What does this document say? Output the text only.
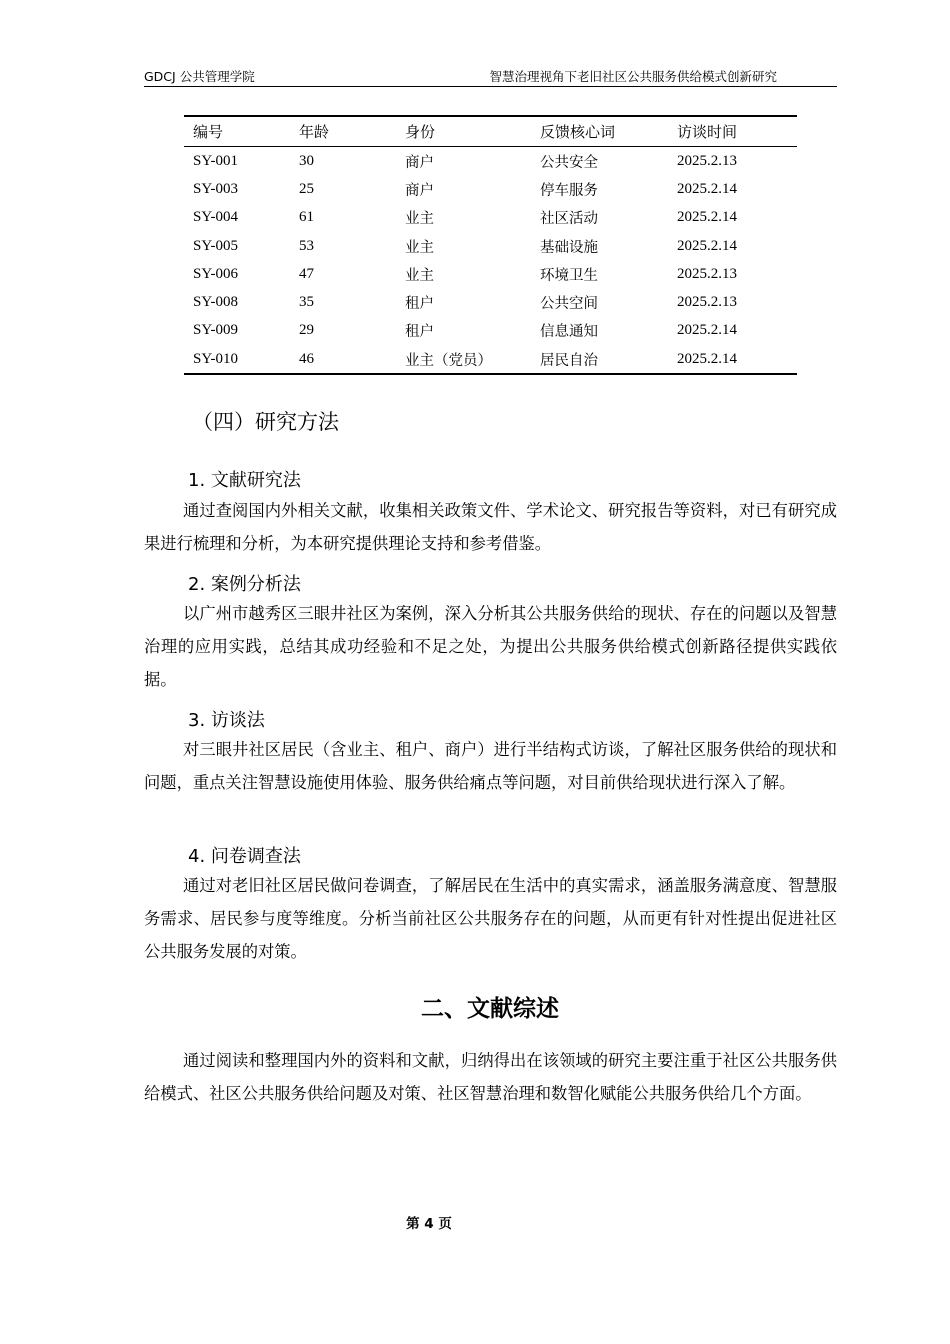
GDCJ 公共管理学院	智慧治理视角下老旧社区公共服务供给模式创新研究
编号	年龄	身份	反馈核心词	访谈时间
SY-001	30	商户	公共安全	2025.2.13
SY-003	25	商户	停车服务	2025.2.14
SY-004	61	业主	社区活动	2025.2.14
SY-005	53	业主	基础设施	2025.2.14
SY-006	47	业主	环境卫生	2025.2.13
SY-008	35	租户	公共空间	2025.2.13
SY-009	29	租户	信息通知	2025.2.14
SY-010	46	业主（党员）	居民自治	2025.2.14
（四）研究方法
1. 文献研究法
通过查阅国内外相关文献，收集相关政策文件、学术论文、研究报告等资料，对已有研究成果进行梳理和分析，为本研究提供理论支持和参考借鉴。
2. 案例分析法
以广州市越秀区三眼井社区为案例，深入分析其公共服务供给的现状、存在的问题以及智慧治理的应用实践，总结其成功经验和不足之处，为提出公共服务供给模式创新路径提供实践依据。
3. 访谈法
对三眼井社区居民（含业主、租户、商户）进行半结构式访谈，了解社区服务供给的现状和问题，重点关注智慧设施使用体验、服务供给痛点等问题，对目前供给现状进行深入了解。
4. 问卷调查法
通过对老旧社区居民做问卷调查，了解居民在生活中的真实需求，涵盖服务满意度、智慧服务需求、居民参与度等维度。分析当前社区公共服务存在的问题，从而更有针对性提出促进社区公共服务发展的对策。
二、文献综述
通过阅读和整理国内外的资料和文献，归纳得出在该领域的研究主要注重于社区公共服务供给模式、社区公共服务供给问题及对策、社区智慧治理和数智化赋能公共服务供给几个方面。
第 4 页
